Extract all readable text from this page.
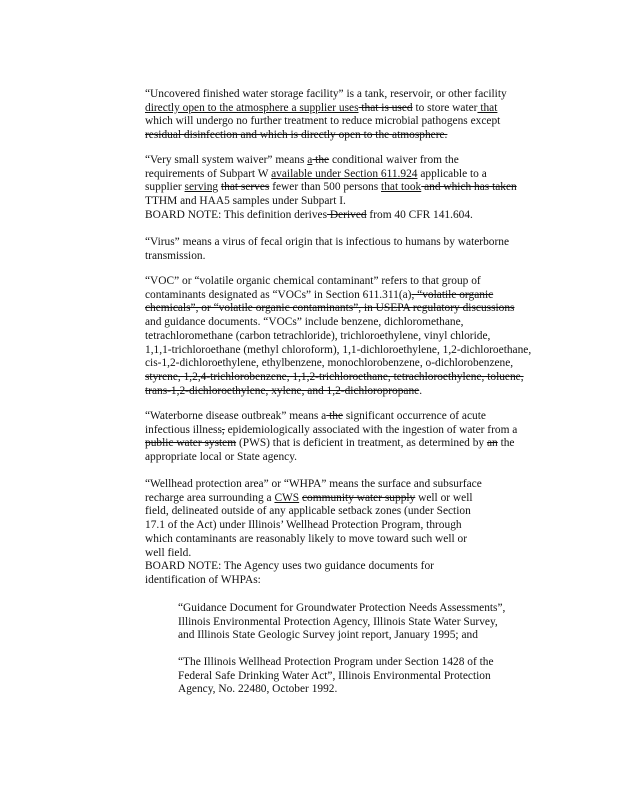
“Uncovered finished water storage facility” is a tank, reservoir, or other facility
directly open to the atmosphere a supplier uses that is used to store water that
which will undergo no further treatment to reduce microbial pathogens except
residual disinfection and which is directly open to the atmosphere.
“Very small system waiver” means a the conditional waiver from the
requirements of Subpart W available under Section 611.924 applicable to a
supplier serving that serves fewer than 500 persons that took and which has taken
TTHM and HAA5 samples under Subpart I.
BOARD NOTE: This definition derives Derived from 40 CFR 141.604.
“Virus” means a virus of fecal origin that is infectious to humans by waterborne
transmission.
“VOC” or “volatile organic chemical contaminant” refers to that group of
contaminants designated as “VOCs” in Section 611.311(a), “volatile organic
chemicals”, or “volatile organic contaminants”, in USEPA regulatory discussions
and guidance documents. “VOCs” include benzene, dichloromethane,
tetrachloromethane (carbon tetrachloride), trichloroethylene, vinyl chloride,
1,1,1-trichloroethane (methyl chloroform), 1,1-dichloroethylene, 1,2-dichloroethane,
cis-1,2-dichloroethylene, ethylbenzene, monochlorobenzene, o-dichlorobenzene,
styrene, 1,2,4-trichlorobenzene, 1,1,2-trichloroethane, tetrachloroethylene, toluene,
trans-1,2-dichloroethylene, xylene, and 1,2-dichloropropane.
“Waterborne disease outbreak” means a the significant occurrence of acute
infectious illness, epidemiologically associated with the ingestion of water from a
public water system (PWS) that is deficient in treatment, as determined by an the
appropriate local or State agency.
“Wellhead protection area” or “WHPA” means the surface and subsurface
recharge area surrounding a CWS community water supply well or well
field, delineated outside of any applicable setback zones (under Section
17.1 of the Act) under Illinois’ Wellhead Protection Program, through
which contaminants are reasonably likely to move toward such well or
well field.
BOARD NOTE: The Agency uses two guidance documents for
identification of WHPAs:
“Guidance Document for Groundwater Protection Needs Assessments”,
Illinois Environmental Protection Agency, Illinois State Water Survey,
and Illinois State Geologic Survey joint report, January 1995; and
“The Illinois Wellhead Protection Program under Section 1428 of the
Federal Safe Drinking Water Act”, Illinois Environmental Protection
Agency, No. 22480, October 1992.
